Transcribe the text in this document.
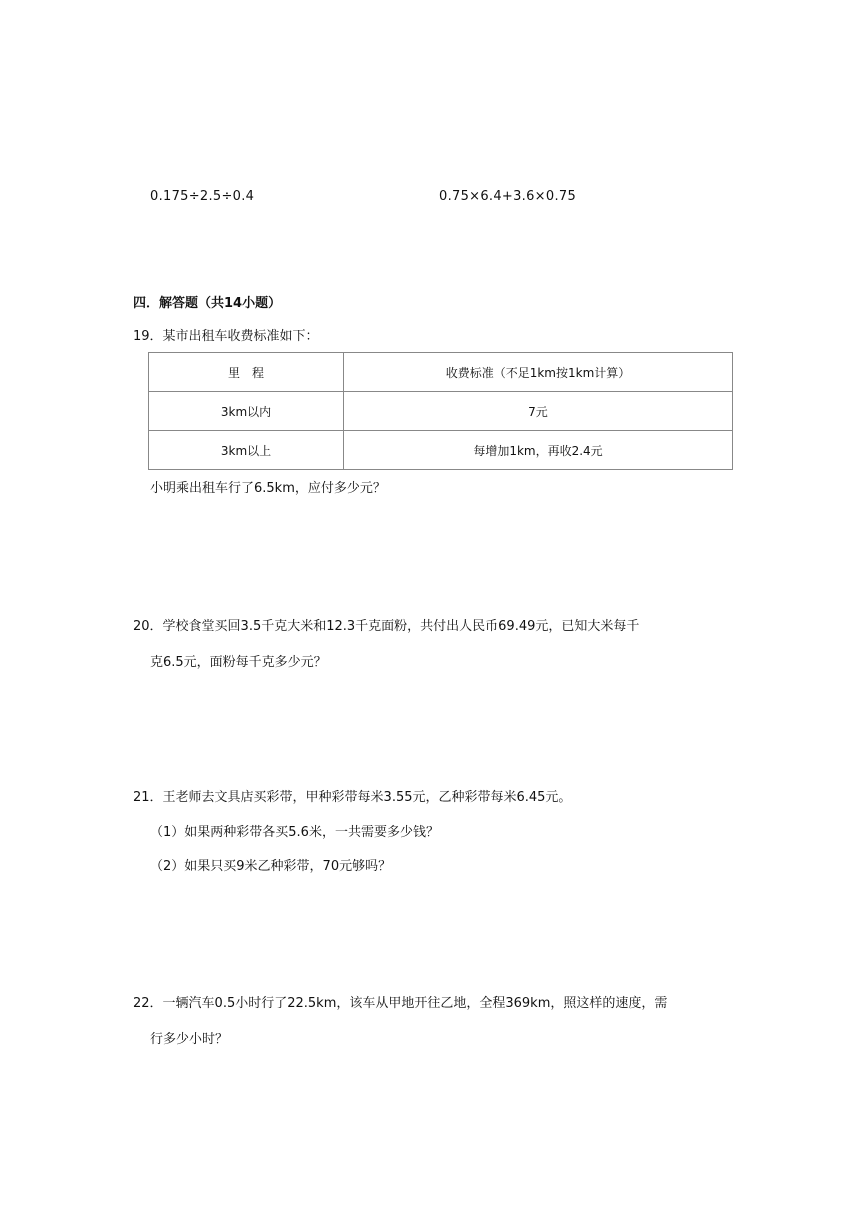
0.175÷2.5÷0.4	0.75×6.4+3.6×0.75
四．解答题（共14小题）
19．某市出租车收费标准如下：
里　程	收费标准（不足1km按1km计算）
3km以内	7元
3km以上	每增加1km，再收2.4元
小明乘出租车行了6.5km，应付多少元？
20．学校食堂买回3.5千克大米和12.3千克面粉，共付出人民币69.49元，已知大米每千
克6.5元，面粉每千克多少元？
21．王老师去文具店买彩带，甲种彩带每米3.55元，乙种彩带每米6.45元。
（1）如果两种彩带各买5.6米，一共需要多少钱？
（2）如果只买9米乙种彩带，70元够吗？
22．一辆汽车0.5小时行了22.5km，该车从甲地开往乙地，全程369km，照这样的速度，需
行多少小时？
